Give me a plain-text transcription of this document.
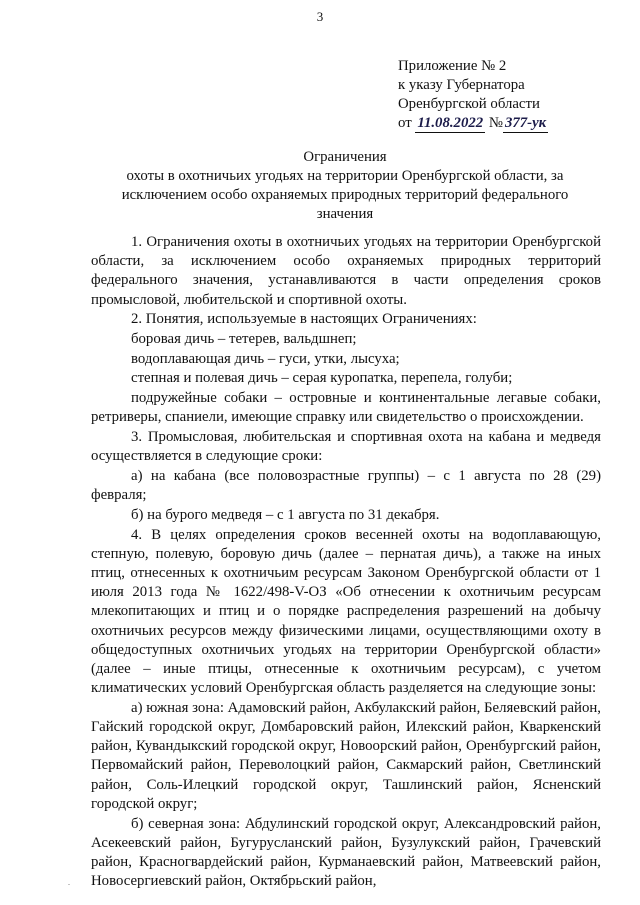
3
Приложение № 2
к указу Губернатора
Оренбургской области
от 11.08.2022 № 377-ук
Ограничения
охоты в охотничьих угодьях на территории Оренбургской области, за
исключением особо охраняемых природных территорий федерального
значения

1. Ограничения охоты в охотничьих угодьях на территории Оренбургской области, за исключением особо охраняемых природных территорий федерального значения, устанавливаются в части определения сроков промысловой, любительской и спортивной охоты.

2. Понятия, используемые в настоящих Ограничениях:

боровая дичь – тетерев, вальдшнеп;

водоплавающая дичь – гуси, утки, лысуха;

степная и полевая дичь – серая куропатка, перепела, голуби;

подружейные собаки – островные и континентальные легавые собаки, ретриверы, спаниели, имеющие справку или свидетельство о происхождении.

3. Промысловая, любительская и спортивная охота на кабана и медведя осуществляется в следующие сроки:

а) на кабана (все половозрастные группы) – с 1 августа по 28 (29) февраля;

б) на бурого медведя – с 1 августа по 31 декабря.

4. В целях определения сроков весенней охоты на водоплавающую, степную, полевую, боровую дичь (далее – пернатая дичь), а также на иных птиц, отнесенных к охотничьим ресурсам Законом Оренбургской области от 1 июля 2013 года № 1622/498-V-ОЗ «Об отнесении к охотничьим ресурсам млекопитающих и птиц и о порядке распределения разрешений на добычу охотничьих ресурсов между физическими лицами, осуществляющими охоту в общедоступных охотничьих угодьях на территории Оренбургской области» (далее – иные птицы, отнесенные к охотничьим ресурсам), с учетом климатических условий Оренбургская область разделяется на следующие зоны:

а) южная зона: Адамовский район, Акбулакский район, Беляевский район, Гайский городской округ, Домбаровский район, Илекский район, Кваркенский район, Кувандыкский городской округ, Новоорский район, Оренбургский район, Первомайский район, Переволоцкий район, Сакмарский район, Светлинский район, Соль-Илецкий городской округ, Ташлинский район, Ясненский городской округ;

б) северная зона: Абдулинский городской округ, Александровский район, Асекеевский район, Бугурусланский район, Бузулукский район, Грачевский район, Красногвардейский район, Курманаевский район, Матвеевский район, Новосергиевский район, Октябрьский район,

.
